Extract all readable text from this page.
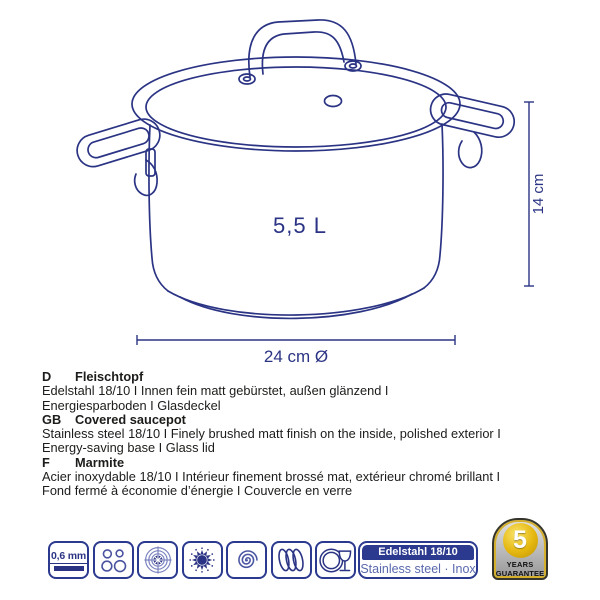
5,5 L
24 cm Ø
14 cm
D Fleischtopf
Edelstahl 18/10 I Innen fein matt gebürstet, außen glänzend I
Energiesparboden I Glasdeckel
GB Covered saucepot
Stainless steel 18/10 I Finely brushed matt finish on the inside, polished exterior I
Energy-saving base I Glass lid
F Marmite
Acier inoxydable 18/10 I Intérieur finement brossé mat, extérieur chromé brillant I
Fond fermé à économie d’énergie I Couvercle en verre
0,6 mm	Edelstahl 18/10
Stainless steel · Inox
5
YEARS
GUARANTEE
